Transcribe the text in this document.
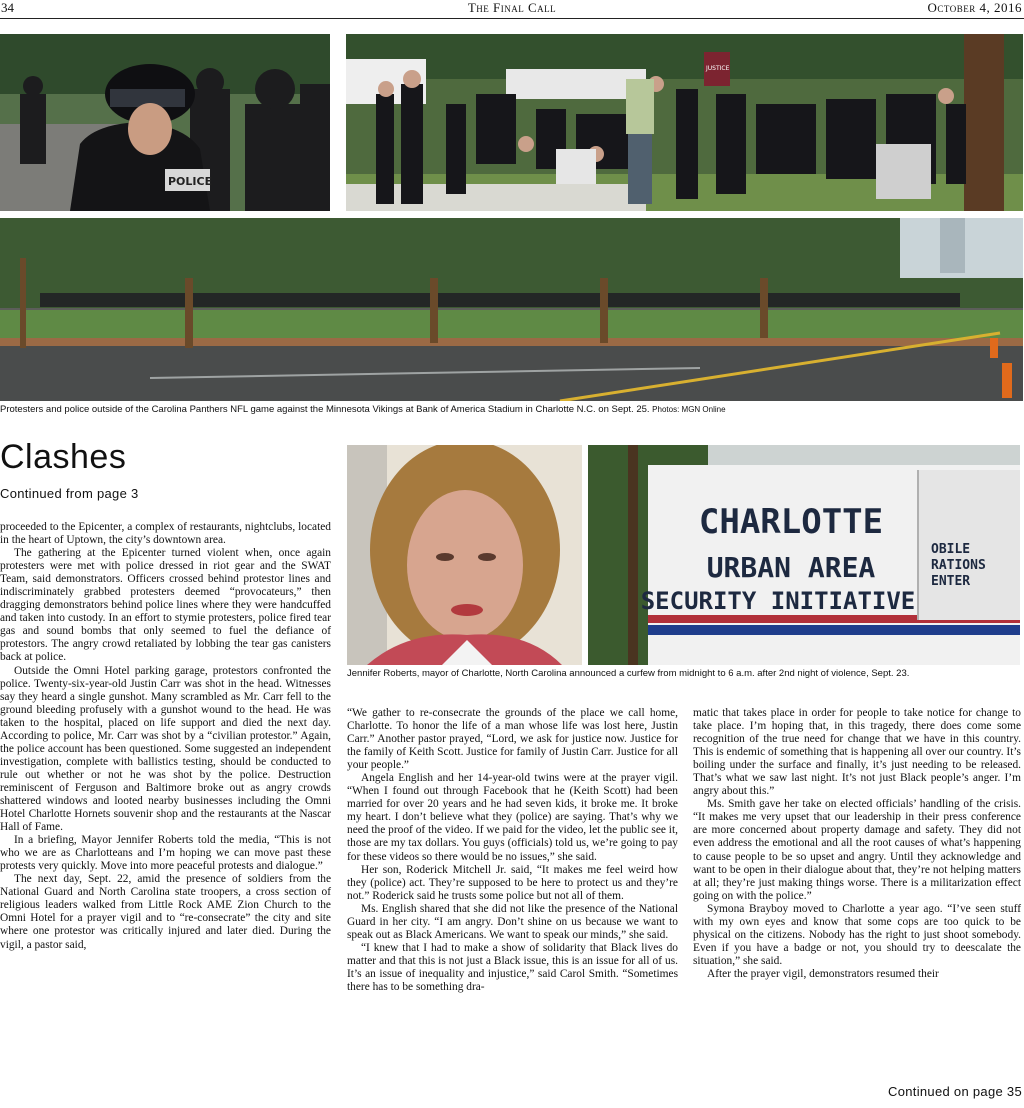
34	The Final Call	October 4, 2016
POLICE
JUSTICE
Protesters and police outside of the Carolina Panthers NFL game against the Minnesota Vikings at Bank of America Stadium in Charlotte N.C. on Sept. 25. Photos: MGN Online
Clashes
Continued from page 3
CHARLOTTE
URBAN AREA
SECURITY INITIATIVE
OBILE
RATIONS
ENTER
Jennifer Roberts, mayor of Charlotte, North Carolina announced a curfew from midnight to 6 a.m. after 2nd night of violence, Sept. 23.

proceeded to the Epicenter, a complex of restaurants, nightclubs, located in the heart of Uptown, the city’s downtown area.

The gathering at the Epicenter turned violent when, once again protesters were met with police dressed in riot gear and the SWAT Team, said demonstrators. Officers crossed behind protestor lines and indiscriminately grabbed protesters deemed “provocateurs,” then dragging demonstrators behind police lines where they were handcuffed and taken into custody. In an effort to stymie protesters, police fired tear gas and sound bombs that only seemed to fuel the defiance of protestors. The angry crowd retaliated by lobbing the tear gas canisters back at police.

Outside the Omni Hotel parking garage, protestors confronted the police. Twenty-six-year-old Justin Carr was shot in the head. Witnesses say they heard a single gunshot. Many scrambled as Mr. Carr fell to the ground bleeding profusely with a gunshot wound to the head. He was taken to the hospital, placed on life support and died the next day. According to police, Mr. Carr was shot by a “civilian protestor.” Again, the police account has been questioned. Some suggested an independent investigation, complete with ballistics testing, should be conducted to rule out whether or not he was shot by the police. Destruction reminiscent of Ferguson and Baltimore broke out as angry crowds shattered windows and looted nearby businesses including the Omni Hotel Charlotte Hornets souvenir shop and the restaurants at the Nascar Hall of Fame.

In a briefing, Mayor Jennifer Roberts told the media, “This is not who we are as Charlotteans and I’m hoping we can move past these protests very quickly. Move into more peaceful protests and dialogue.”

The next day, Sept. 22, amid the presence of soldiers from the National Guard and North Carolina state troopers, a cross section of religious leaders walked from Little Rock AME Zion Church to the Omni Hotel for a prayer vigil and to “re-consecrate” the city and site where one protestor was critically injured and later died. During the vigil, a pastor said,

“We gather to re-consecrate the grounds of the place we call home, Charlotte. To honor the life of a man whose life was lost here, Justin Carr.” Another pastor prayed, “Lord, we ask for justice now. Justice for the family of Keith Scott. Justice for family of Justin Carr. Justice for all your people.”

Angela English and her 14-year-old twins were at the prayer vigil. “When I found out through Facebook that he (Keith Scott) had been married for over 20 years and he had seven kids, it broke me. It broke my heart. I don’t believe what they (police) are saying. That’s why we need the proof of the video. If we paid for the video, let the public see it, those are my tax dollars. You guys (officials) told us, we’re going to pay for these videos so there would be no issues,” she said.

Her son, Roderick Mitchell Jr. said, “It makes me feel weird how they (police) act. They’re supposed to be here to protect us and they’re not.” Roderick said he trusts some police but not all of them.

Ms. English shared that she did not like the presence of the National Guard in her city. “I am angry. Don’t shine on us because we want to speak out as Black Americans. We want to speak our minds,” she said.

“I knew that I had to make a show of solidarity that Black lives do matter and that this is not just a Black issue, this is an issue for all of us. It’s an issue of inequality and injustice,” said Carol Smith. “Sometimes there has to be something dra-

matic that takes place in order for people to take notice for change to take place. I’m hoping that, in this tragedy, there does come some recognition of the true need for change that we have in this country. This is endemic of something that is happening all over our country. It’s boiling under the surface and finally, it’s just needing to be released. That’s what we saw last night. It’s not just Black people’s anger. I’m angry about this.”

Ms. Smith gave her take on elected officials’ handling of the crisis. “It makes me very upset that our leadership in their press conference are more concerned about property damage and safety. They did not even address the emotional and all the root causes of what’s happening to cause people to be so upset and angry. Until they acknowledge and want to be open in their dialogue about that, they’re not helping matters at all; they’re just making things worse. There is a militarization effect going on with the police.”

Symona Brayboy moved to Charlotte a year ago. “I’ve seen stuff with my own eyes and know that some cops are too quick to be physical on the citizens. Nobody has the right to just shoot somebody. Even if you have a badge or not, you should try to deescalate the situation,” she said.

After the prayer vigil, demonstrators resumed their

Continued on page 35
